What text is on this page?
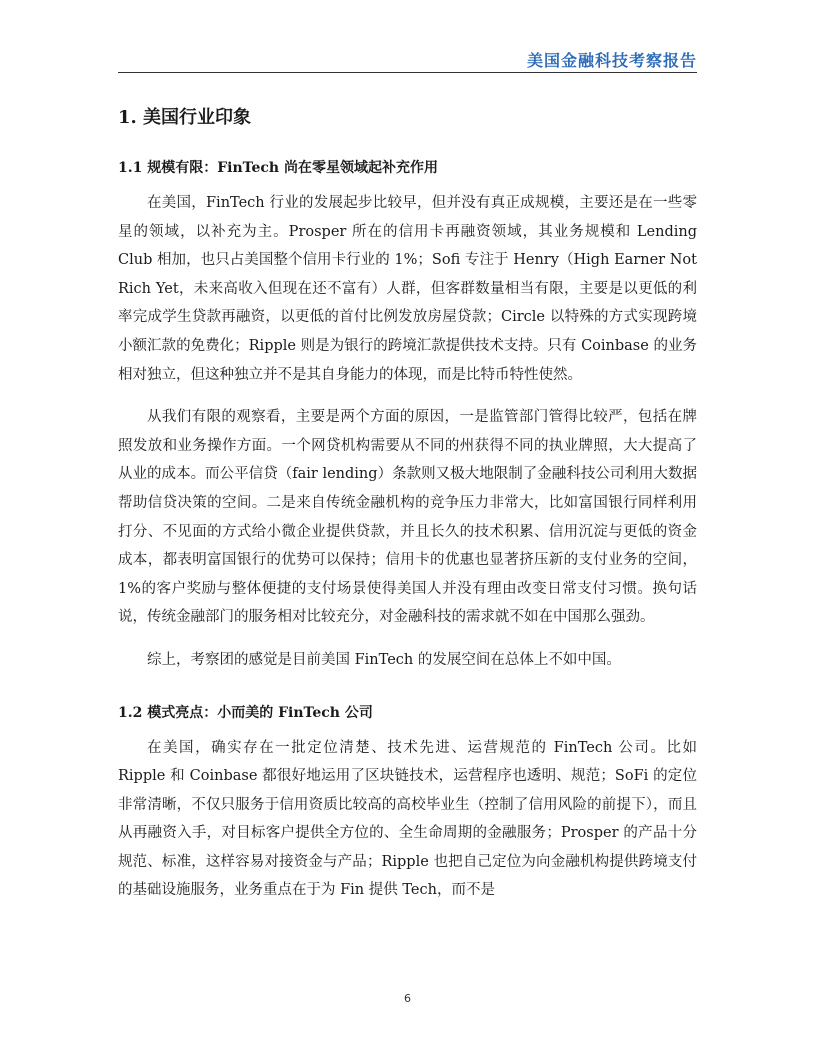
美国金融科技考察报告
1. 美国行业印象
1.1 规模有限：FinTech 尚在零星领域起补充作用

在美国，FinTech 行业的发展起步比较早，但并没有真正成规模，主要还是在一些零星的领域，以补充为主。Prosper 所在的信用卡再融资领域，其业务规模和 Lending Club 相加，也只占美国整个信用卡行业的 1%；Sofi 专注于 Henry（High Earner Not Rich Yet，未来高收入但现在还不富有）人群，但客群数量相当有限，主要是以更低的利率完成学生贷款再融资，以更低的首付比例发放房屋贷款；Circle 以特殊的方式实现跨境小额汇款的免费化；Ripple 则是为银行的跨境汇款提供技术支持。只有 Coinbase 的业务相对独立，但这种独立并不是其自身能力的体现，而是比特币特性使然。

从我们有限的观察看，主要是两个方面的原因，一是监管部门管得比较严，包括在牌照发放和业务操作方面。一个网贷机构需要从不同的州获得不同的执业牌照，大大提高了从业的成本。而公平信贷（fair lending）条款则又极大地限制了金融科技公司利用大数据帮助信贷决策的空间。二是来自传统金融机构的竞争压力非常大，比如富国银行同样利用打分、不见面的方式给小微企业提供贷款，并且长久的技术积累、信用沉淀与更低的资金成本，都表明富国银行的优势可以保持；信用卡的优惠也显著挤压新的支付业务的空间，1%的客户奖励与整体便捷的支付场景使得美国人并没有理由改变日常支付习惯。换句话说，传统金融部门的服务相对比较充分，对金融科技的需求就不如在中国那么强劲。

综上，考察团的感觉是目前美国 FinTech 的发展空间在总体上不如中国。

1.2 模式亮点：小而美的 FinTech 公司

在美国，确实存在一批定位清楚、技术先进、运营规范的 FinTech 公司。比如 Ripple 和 Coinbase 都很好地运用了区块链技术，运营程序也透明、规范；SoFi 的定位非常清晰，不仅只服务于信用资质比较高的高校毕业生（控制了信用风险的前提下），而且从再融资入手，对目标客户提供全方位的、全生命周期的金融服务；Prosper 的产品十分规范、标准，这样容易对接资金与产品；Ripple 也把自己定位为向金融机构提供跨境支付的基础设施服务，业务重点在于为 Fin 提供 Tech，而不是

6
